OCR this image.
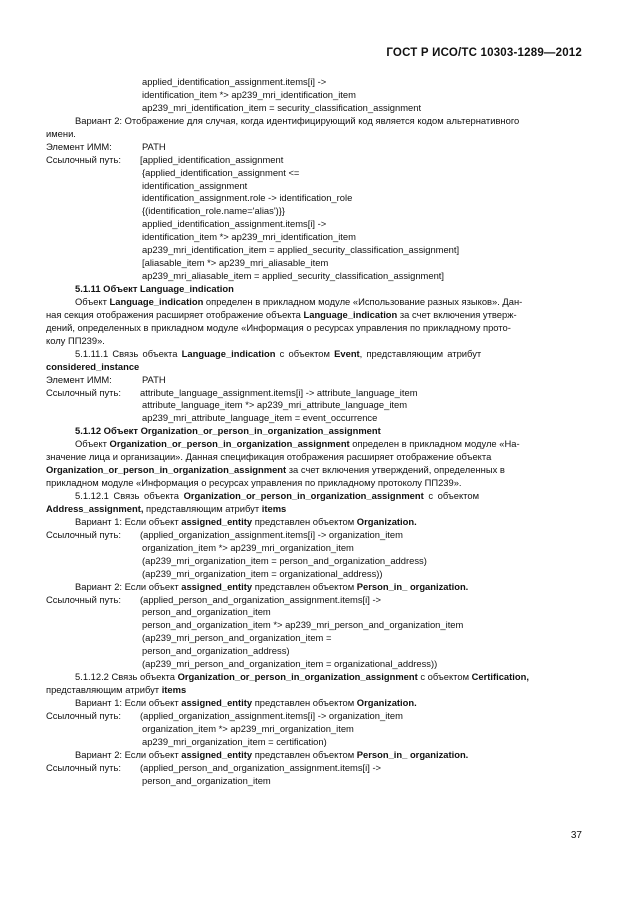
ГОСТ Р ИСО/ТС 10303-1289—2012
applied_identification_assignment.items[i] ->
identification_item *> ap239_mri_identification_item
ap239_mri_identification_item = security_classification_assignment
Вариант 2: Отображение для случая, когда идентифицирующий код является кодом альтернативного
имени.
Элемент ИММ:	PATH
Ссылочный путь: [applied_identification_assignment
{applied_identification_assignment <=
identification_assignment
identification_assignment.role -> identification_role
{(identification_role.name='alias')}}
applied_identification_assignment.items[i] ->
identification_item *> ap239_mri_identification_item
ap239_mri_identification_item = applied_security_classification_assignment]
[aliasable_item *> ap239_mri_aliasable_item
ap239_mri_aliasable_item = applied_security_classification_assignment]
5.1.11 Объект Language_indication
Объект Language_indication определен в прикладном модуле «Использование разных языков». Дан-
ная секция отображения расширяет отображение объекта Language_indication за счет включения утверж-
дений, определенных в прикладном модуле «Информация о ресурсах управления по прикладному прото-
колу ПП239».
5.1.11.1 Связь объекта Language_indication с объектом Event, представляющим атрибут
considered_instance
Элемент ИММ:	PATH
Ссылочный путь: attribute_language_assignment.items[i] -> attribute_language_item
attribute_language_item *> ap239_mri_attribute_language_item
ap239_mri_attribute_language_item = event_occurrence
5.1.12 Объект Organization_or_person_in_organization_assignment
Объект Organization_or_person_in_organization_assignment определен в прикладном модуле «На-
значение лица и организации». Данная спецификация отображения расширяет отображение объекта
Organization_or_person_in_organization_assignment за счет включения утверждений, определенных в
прикладном модуле «Информация о ресурсах управления по прикладному протоколу ПП239».
5.1.12.1 Связь объекта Organization_or_person_in_organization_assignment с объектом
Address_assignment, представляющим атрибут items
Вариант 1: Если объект assigned_entity представлен объектом Organization.
Ссылочный путь: (applied_organization_assignment.items[i] -> organization_item
organization_item *> ap239_mri_organization_item
(ap239_mri_organization_item = person_and_organization_address)
(ap239_mri_organization_item = organizational_address))
Вариант 2: Если объект assigned_entity представлен объектом Person_in_ organization.
Ссылочный путь: (applied_person_and_organization_assignment.items[i] ->
person_and_organization_item
person_and_organization_item *> ap239_mri_person_and_organization_item
(ap239_mri_person_and_organization_item =
person_and_organization_address)
(ap239_mri_person_and_organization_item = organizational_address))
5.1.12.2 Связь объекта Organization_or_person_in_organization_assignment с объектом Certification,
представляющим атрибут items
Вариант 1: Если объект assigned_entity представлен объектом Organization.
Ссылочный путь: (applied_organization_assignment.items[i] -> organization_item
organization_item *> ap239_mri_organization_item
ap239_mri_organization_item = certification)
Вариант 2: Если объект assigned_entity представлен объектом Person_in_ organization.
Ссылочный путь: (applied_person_and_organization_assignment.items[i] ->
person_and_organization_item
37
